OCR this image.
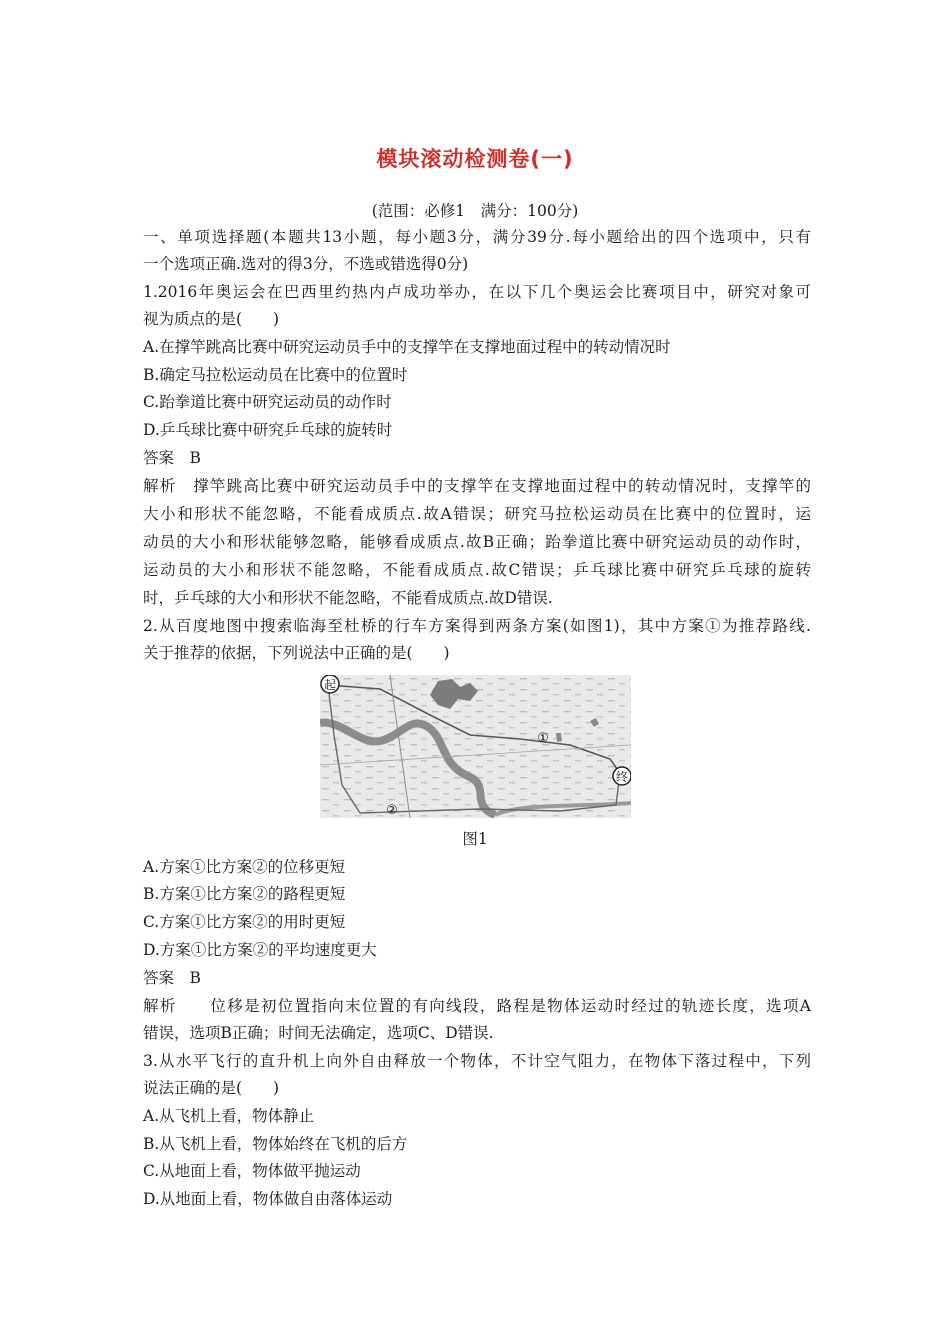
模块滚动检测卷(一)
(范围：必修1　满分：100分)
一、单项选择题(本题共13小题，每小题3分，满分39分.每小题给出的四个选项中，只有
一个选项正确.选对的得3分，不选或错选得0分)
1.2016年奥运会在巴西里约热内卢成功举办，在以下几个奥运会比赛项目中，研究对象可
视为质点的是(　　)
A.在撑竿跳高比赛中研究运动员手中的支撑竿在支撑地面过程中的转动情况时
B.确定马拉松运动员在比赛中的位置时
C.跆拳道比赛中研究运动员的动作时
D.乒乓球比赛中研究乒乓球的旋转时
答案　B
解析　撑竿跳高比赛中研究运动员手中的支撑竿在支撑地面过程中的转动情况时，支撑竿的
大小和形状不能忽略，不能看成质点.故A错误；研究马拉松运动员在比赛中的位置时，运
动员的大小和形状能够忽略，能够看成质点.故B正确；跆拳道比赛中研究运动员的动作时，
运动员的大小和形状不能忽略，不能看成质点.故C错误；乒乓球比赛中研究乒乓球的旋转
时，乒乓球的大小和形状不能忽略，不能看成质点.故D错误.
2.从百度地图中搜索临海至杜桥的行车方案得到两条方案(如图1)，其中方案①为推荐路线.
关于推荐的依据，下列说法中正确的是(　　)
起
终
①
②
图1
A.方案①比方案②的位移更短
B.方案①比方案②的路程更短
C.方案①比方案②的用时更短
D.方案①比方案②的平均速度更大
答案　B
解析　　位移是初位置指向末位置的有向线段，路程是物体运动时经过的轨迹长度，选项A
错误，选项B正确；时间无法确定，选项C、D错误.
3.从水平飞行的直升机上向外自由释放一个物体，不计空气阻力，在物体下落过程中，下列
说法正确的是(　　)
A.从飞机上看，物体静止
B.从飞机上看，物体始终在飞机的后方
C.从地面上看，物体做平抛运动
D.从地面上看，物体做自由落体运动
